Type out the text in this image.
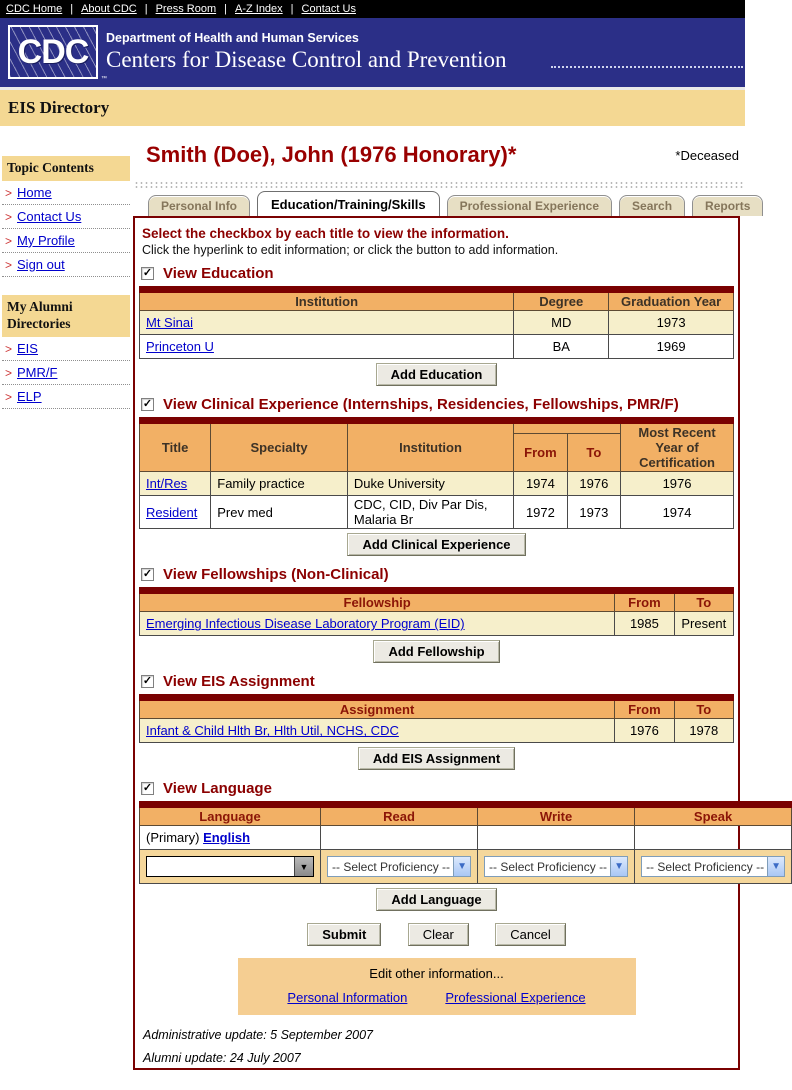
CDC Home | About CDC | Press Room | A-Z Index | Contact Us
CDC
™
Department of Health and Human Services
Centers for Disease Control and Prevention
EIS Directory
Topic Contents
> Home
> Contact Us
> My Profile
> Sign out
My Alumni Directories
> EIS
> PMR/F
> ELP
Smith (Doe), John (1976 Honorary)*	*Deceased
Personal Info	Education/Training/Skills	Professional Experience	Search	Reports
Select the checkbox by each title to view the information.
Click the hyperlink to edit information; or click the button to add information.
✓
View Education
Institution	Degree	Graduation Year
Mt Sinai	MD	1973
Princeton U	BA	1969
Add Education
✓
View Clinical Experience (Internships, Residencies, Fellowships, PMR/F)
Title	Specialty	Institution			Most Recent Year of Certification
			From	To	
Int/Res	Family practice	Duke University	1974	1976	1976
Resident	Prev med	CDC, CID, Div Par Dis, Malaria Br	1972	1973	1974
Add Clinical Experience
✓
View Fellowships (Non-Clinical)
Fellowship	From	To
Emerging Infectious Disease Laboratory Program (EID)	1985	Present
Add Fellowship
✓
View EIS Assignment
Assignment	From	To
Infant & Child Hlth Br, Hlth Util, NCHS, CDC	1976	1978
Add EIS Assignment
✓
View Language
Language	Read	Write	Speak
(Primary) English			

▼	-- Select Proficiency -- ▼	-- Select Proficiency -- ▼	-- Select Proficiency -- ▼
Add Language
Submit	Clear	Cancel
Edit other information...
Personal Information	Professional Experience
Administrative update: 5 September 2007
Alumni update: 24 July 2007
